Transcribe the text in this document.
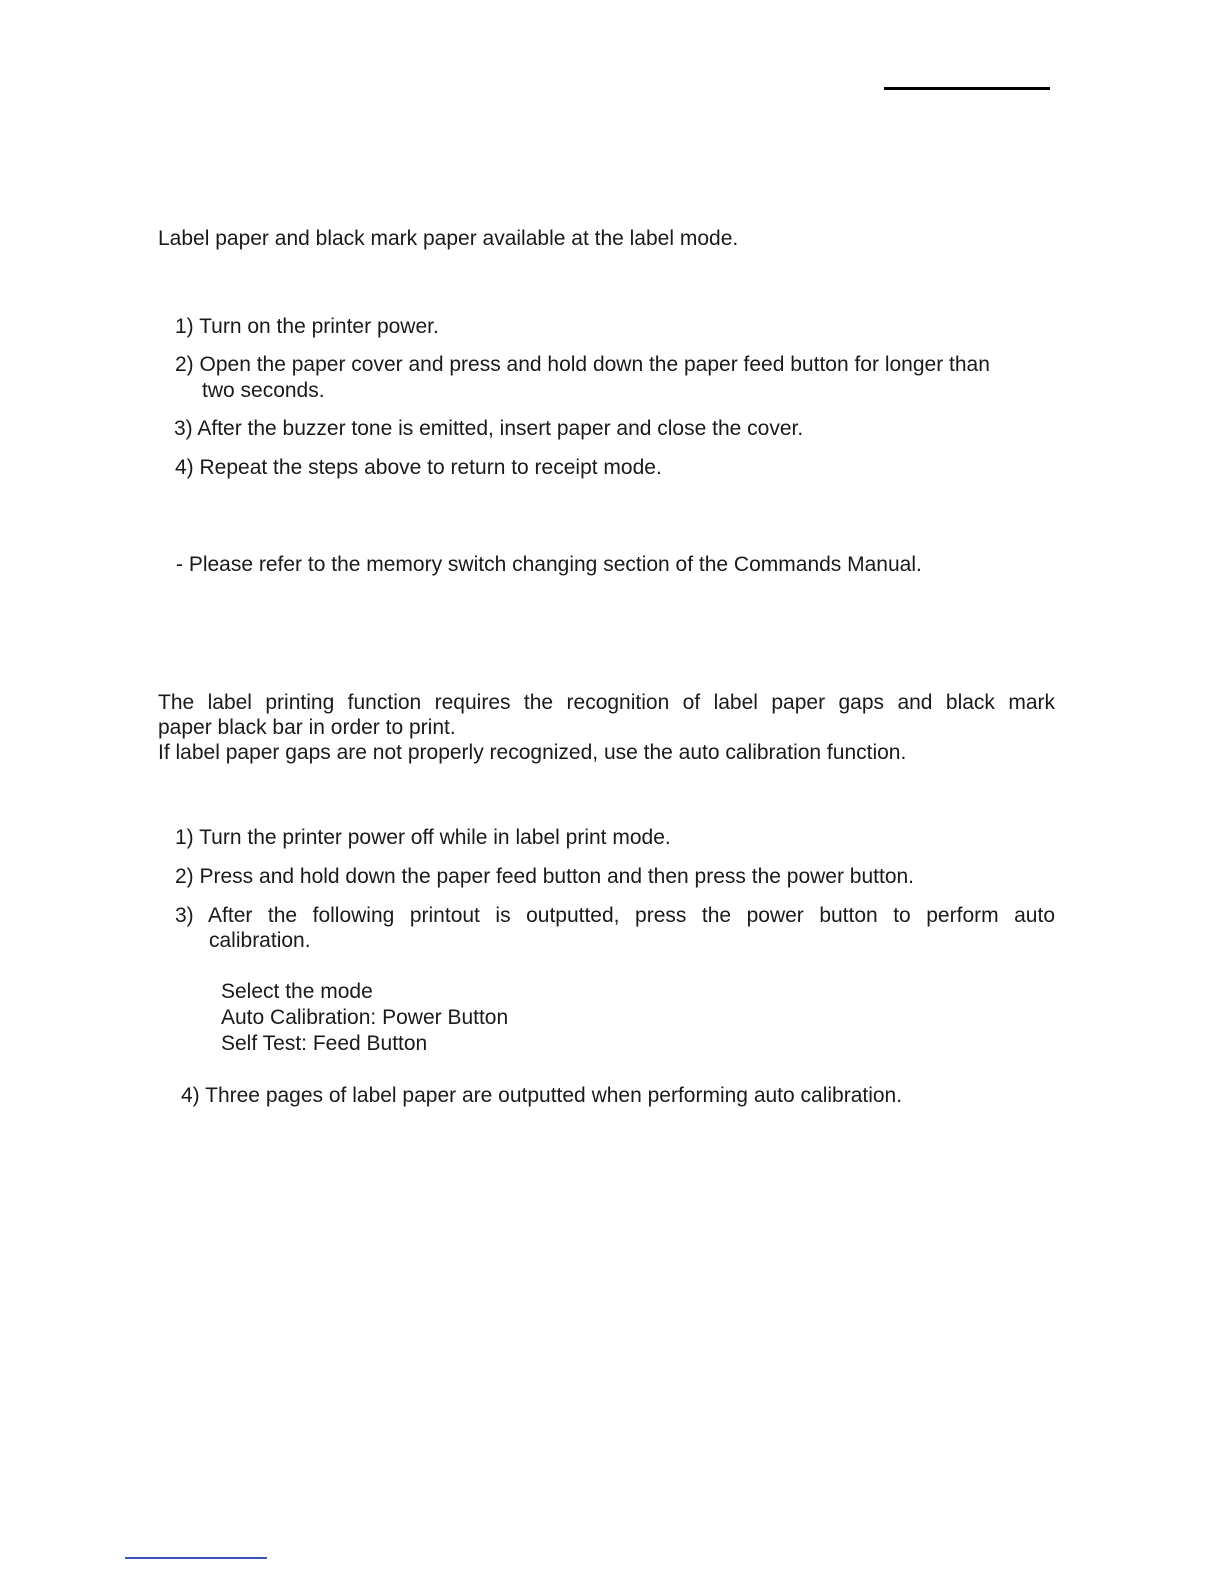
Label paper and black mark paper available at the label mode.
1) Turn on the printer power.
2) Open the paper cover and press and hold down the paper feed button for longer than
two seconds.
3) After the buzzer tone is emitted, insert paper and close the cover.
4) Repeat the steps above to return to receipt mode.
- Please refer to the memory switch changing section of the Commands Manual.
The label printing function requires the recognition of label paper gaps and black mark
paper black bar in order to print.
If label paper gaps are not properly recognized, use the auto calibration function.
1) Turn the printer power off while in label print mode.
2) Press and hold down the paper feed button and then press the power button.
3) After the following printout is outputted, press the power button to perform auto
calibration.
Select the mode
Auto Calibration: Power Button
Self Test: Feed Button
4) Three pages of label paper are outputted when performing auto calibration.
